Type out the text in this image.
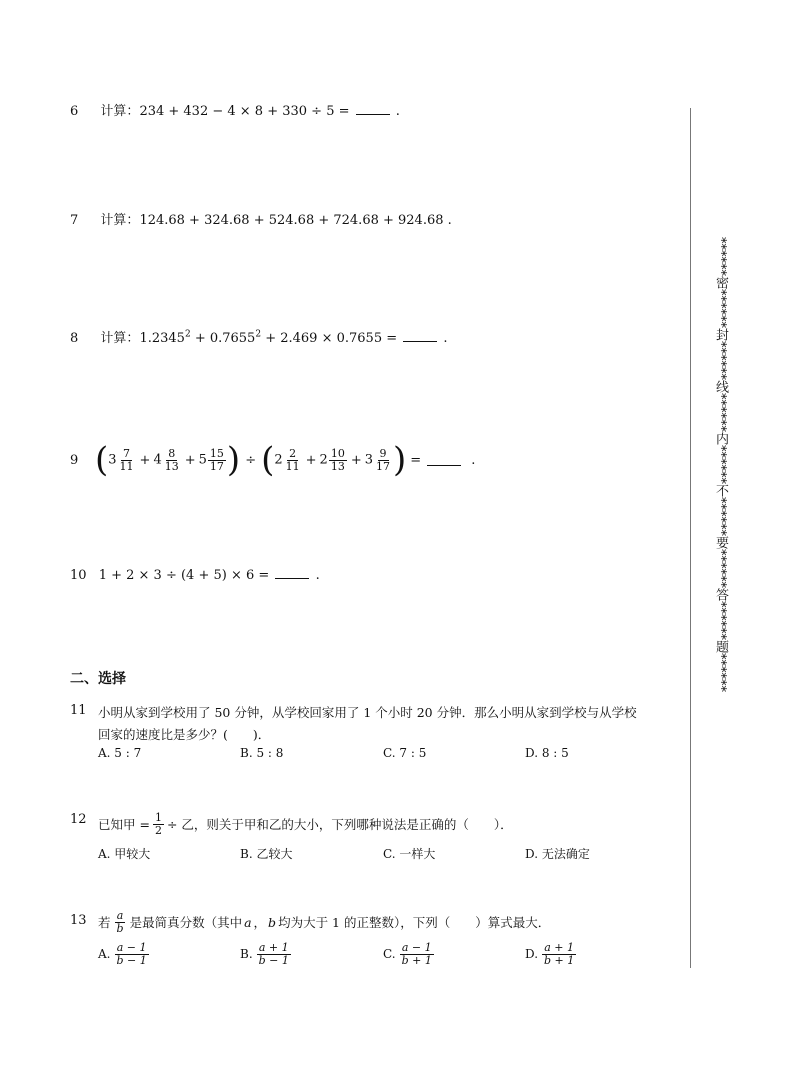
6 计算：234 + 432 − 4 × 8 + 330 ÷ 5 =	.
7 计算：124.68 + 324.68 + 524.68 + 724.68 + 924.68 .
8 计算：$1.2345^2 + 0.7655^2 + 2.469 \times 0.7655$ =	.
9 ( $3 \frac{7}{11} + 4 \frac{8}{13} + 5 \frac{15}{17}$ ) ÷ ( $2 \frac{2}{11} + 2 \frac{10}{13} + 3 \frac{9}{17}$ ) =	.
10 1 + 2 × 3 ÷ (4 + 5) × 6 =	.
二、选择
11 小明从家到学校用了 50 分钟，从学校回家用了 1 个小时 20 分钟．那么小明从家到学校与从学校
回家的速度比是多少？(　　)．
A. 5 : 7	B. 5 : 8	C. 7 : 5	D. 8 : 5
12 已知甲 = $\frac{1}{2}$ ÷ 乙，则关于甲和乙的大小，下列哪种说法是正确的（　　）．
A. 甲较大	B. 乙较大	C. 一样大	D. 无法确定
13 若 $\frac{a}{b}$ 是最简真分数（其中 a ， b 均为大于 1 的正整数），下列（　　）算式最大．
A. $\frac{a - 1}{b - 1}$	B. $\frac{a + 1}{b - 1}$	C. $\frac{a - 1}{b + 1}$	D. $\frac{a + 1}{b + 1}$
******密******封******线******内******不******要******答******题******
